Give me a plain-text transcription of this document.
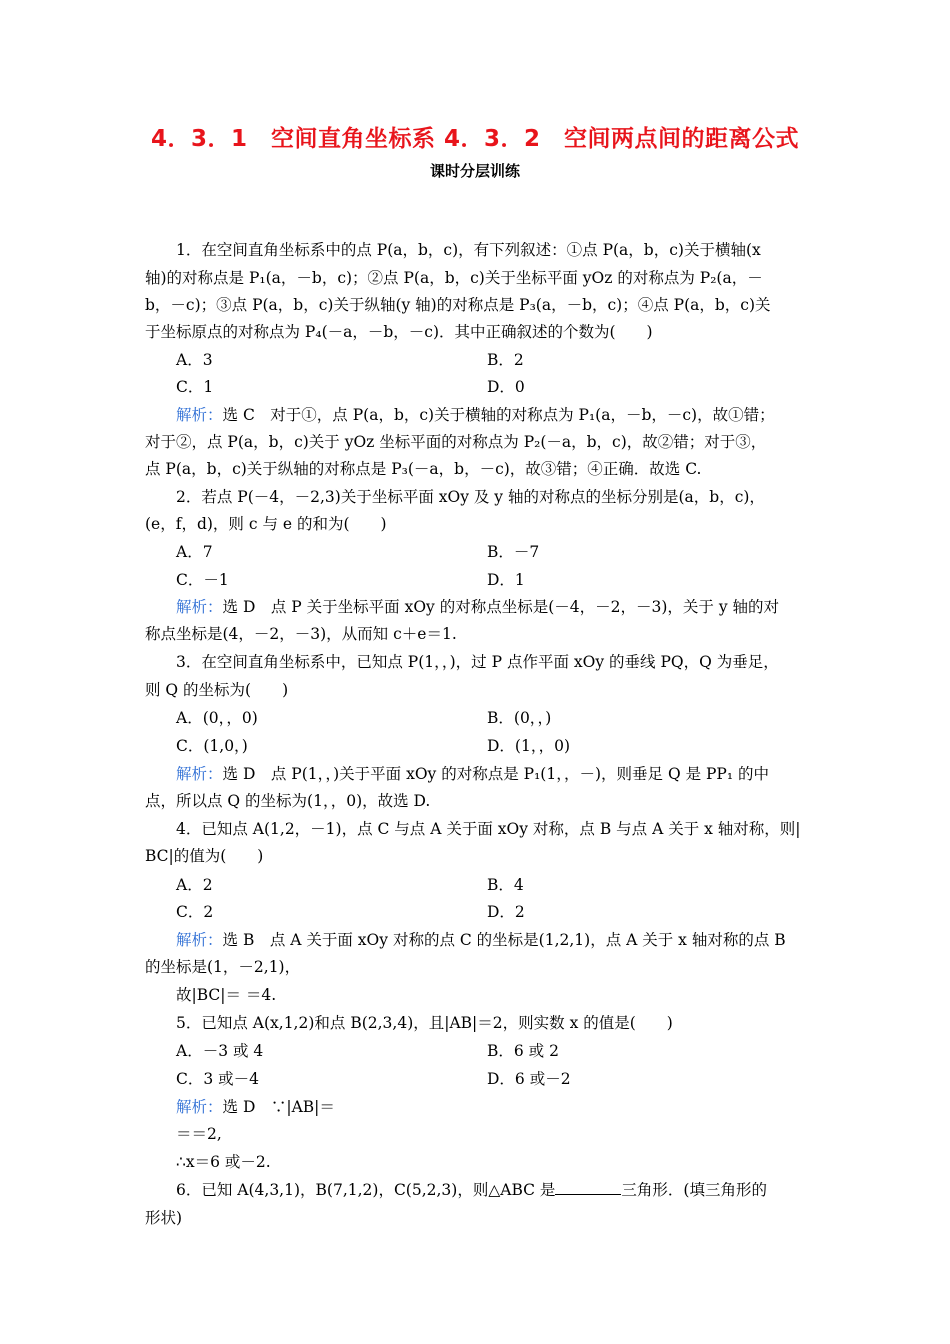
4．3．1　空间直角坐标系 4．3．2　空间两点间的距离公式
课时分层训练
1．在空间直角坐标系中的点 P(a，b，c)，有下列叙述：①点 P(a，b，c)关于横轴(x
轴)的对称点是 P₁(a，－b，c)；②点 P(a，b，c)关于坐标平面 yOz 的对称点为 P₂(a，－
b，－c)；③点 P(a，b，c)关于纵轴(y 轴)的对称点是 P₃(a，－b，c)；④点 P(a，b，c)关
于坐标原点的对称点为 P₄(－a，－b，－c)．其中正确叙述的个数为(　　)
A．3	B．2
C．1	D．0
解析：选 C　对于①，点 P(a，b，c)关于横轴的对称点为 P₁(a，－b，－c)，故①错；
对于②，点 P(a，b，c)关于 yOz 坐标平面的对称点为 P₂(－a，b，c)，故②错；对于③，
点 P(a，b，c)关于纵轴的对称点是 P₃(－a，b，－c)，故③错；④正确．故选 C.
2．若点 P(－4，－2,3)关于坐标平面 xOy 及 y 轴的对称点的坐标分别是(a，b，c)，
(e，f，d)，则 c 与 e 的和为(　　)
A．7	B．－7
C．－1	D．1
解析：选 D　点 P 关于坐标平面 xOy 的对称点坐标是(－4，－2，－3)，关于 y 轴的对
称点坐标是(4，－2，－3)，从而知 c＋e＝1.
3．在空间直角坐标系中，已知点 P(1，，)，过 P 点作平面 xOy 的垂线 PQ，Q 为垂足，
则 Q 的坐标为(　　)
A．(0，，0)	B．(0，，)
C．(1,0，)	D．(1，，0)
解析：选 D　点 P(1，，)关于平面 xOy 的对称点是 P₁(1，，－)，则垂足 Q 是 PP₁ 的中
点，所以点 Q 的坐标为(1，，0)，故选 D.
4．已知点 A(1,2，－1)，点 C 与点 A 关于面 xOy 对称，点 B 与点 A 关于 x 轴对称，则|
BC|的值为(　　)
A．2	B．4
C．2	D．2
解析：选 B　点 A 关于面 xOy 对称的点 C 的坐标是(1,2,1)，点 A 关于 x 轴对称的点 B
的坐标是(1，－2,1)，
故|BC|＝ ＝4.
5．已知点 A(x,1,2)和点 B(2,3,4)，且|AB|＝2，则实数 x 的值是(　　)
A．－3 或 4	B．6 或 2
C．3 或－4	D．6 或－2
解析：选 D　∵|AB|＝
＝＝2,
∴x＝6 或－2.
6．已知 A(4,3,1)，B(7,1,2)，C(5,2,3)，则△ABC 是	三角形．(填三角形的
形状)
